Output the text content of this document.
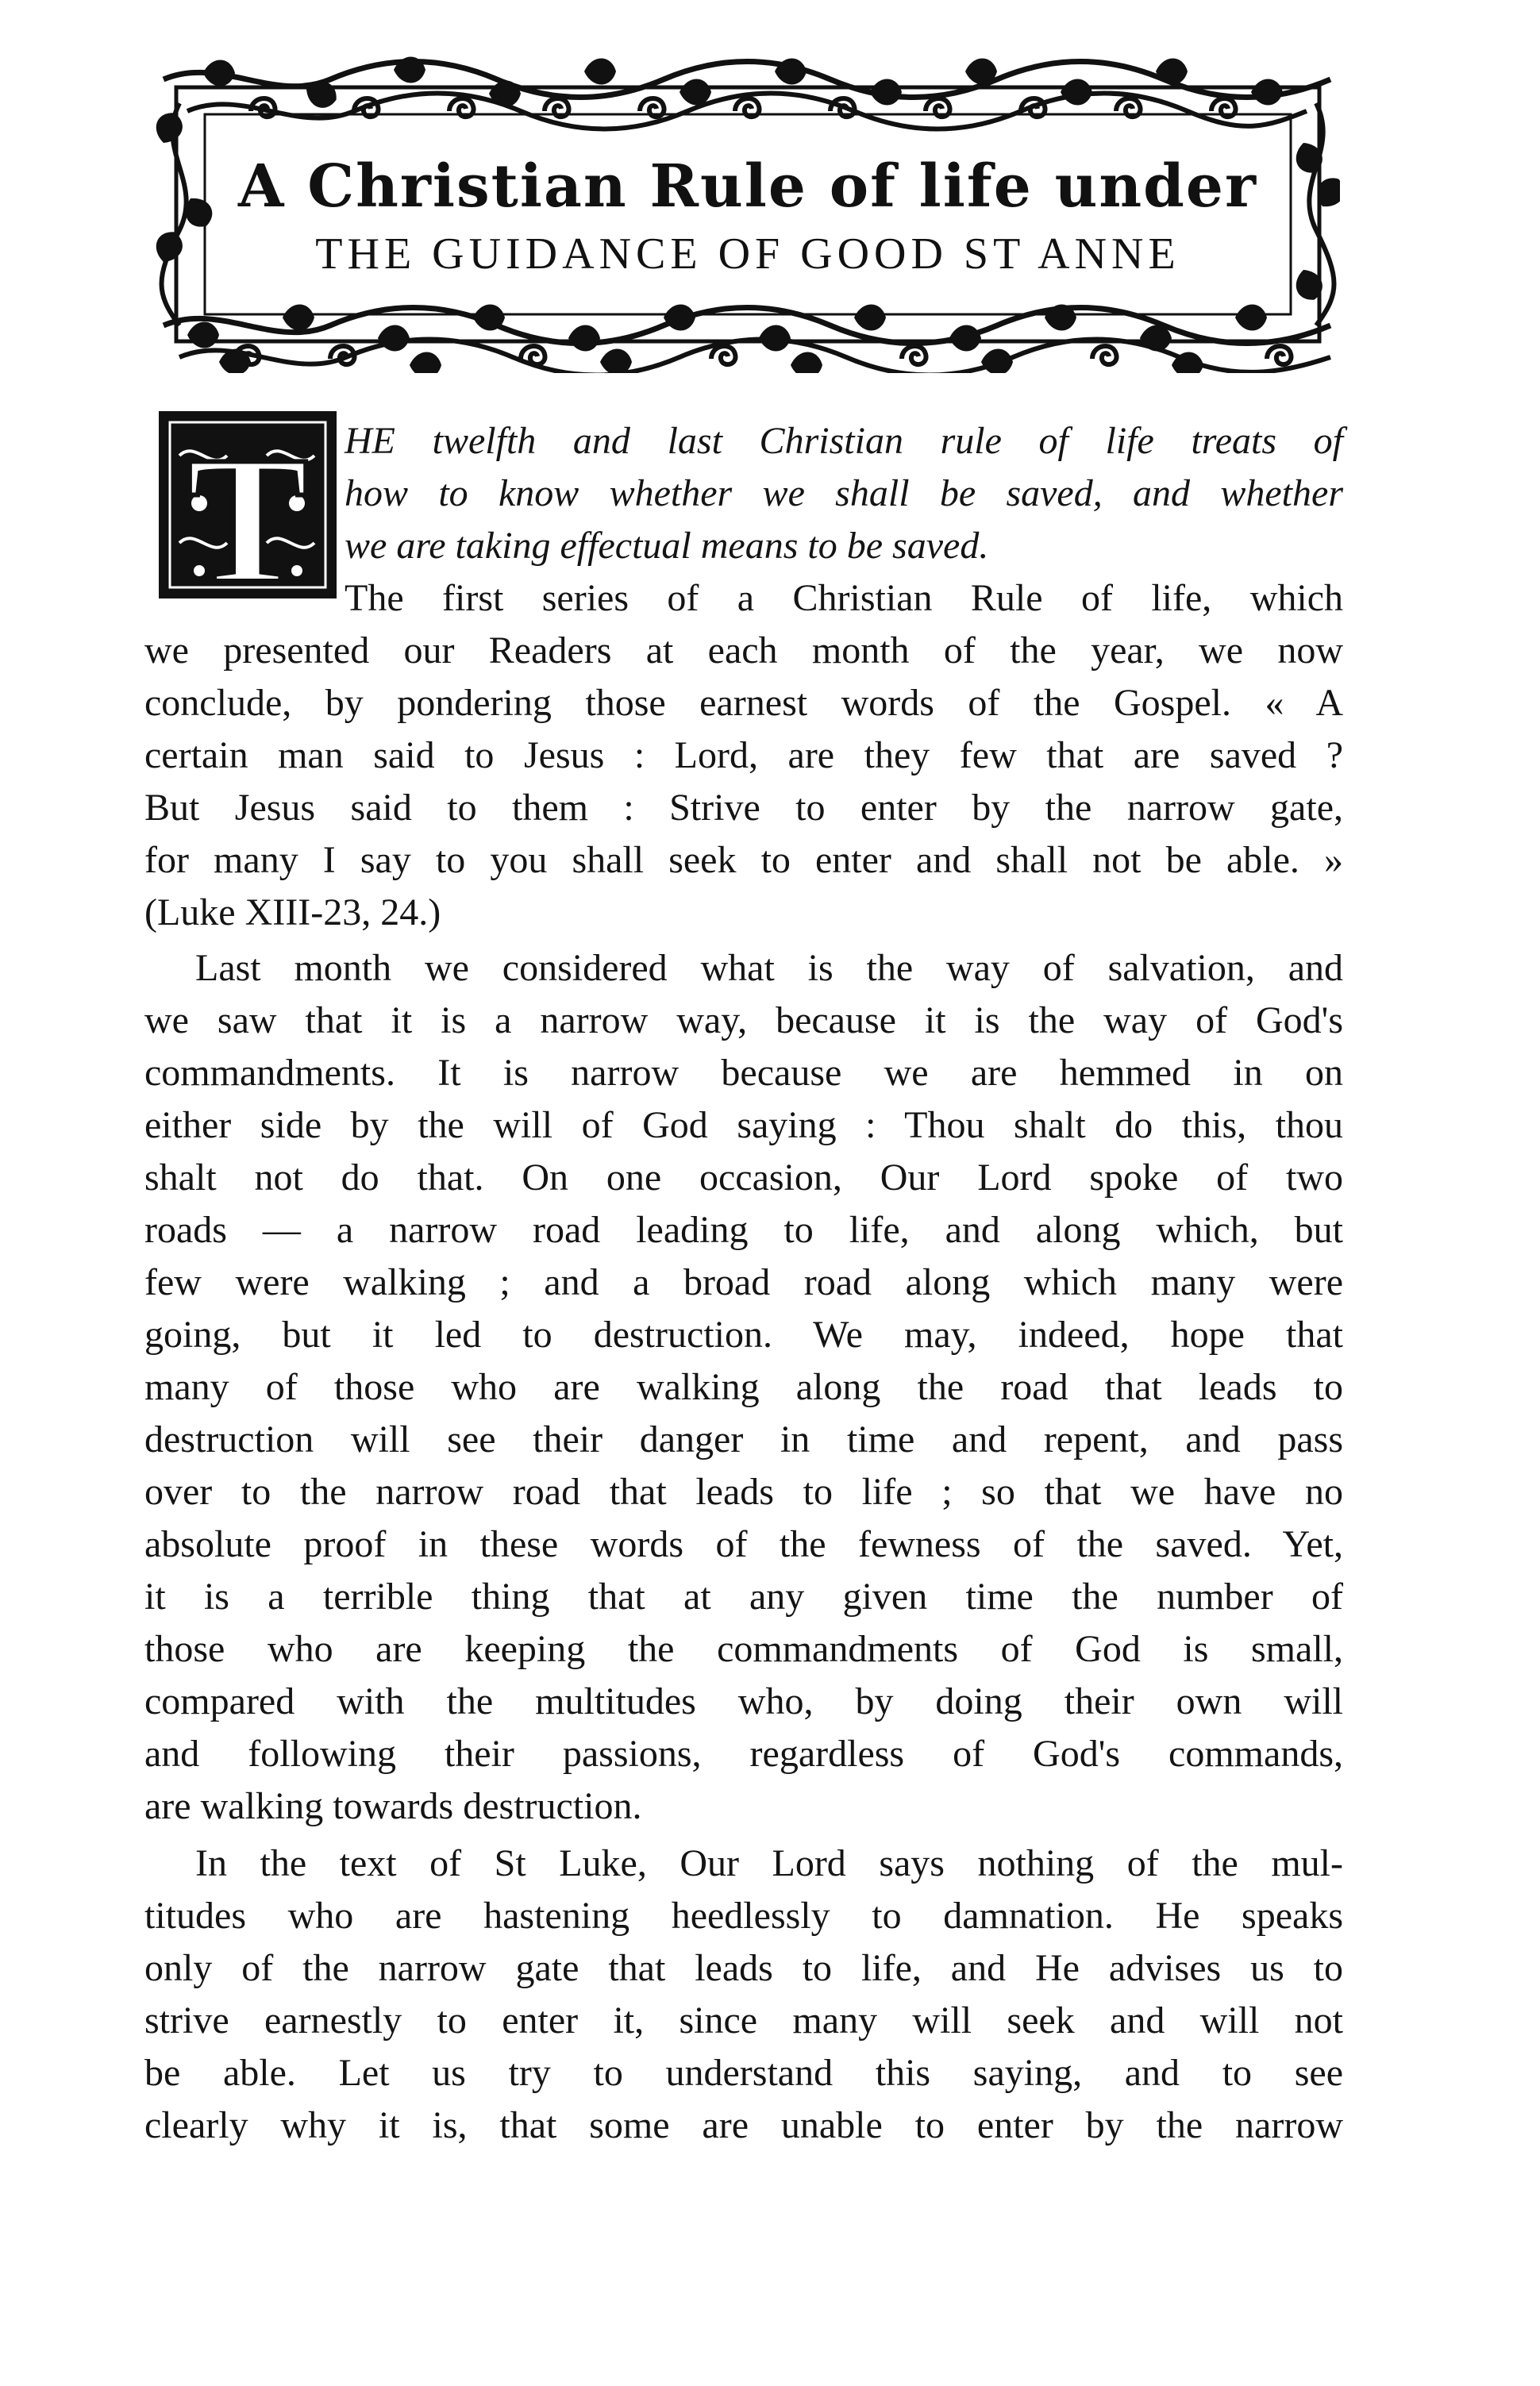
A Christian Rule of life under
THE GUIDANCE OF GOOD ST ANNE
T HE twelfth and last Christian rule of life treats of
how to know whether we shall be saved, and whether
we are taking effectual means to be saved.
The first series of a Christian Rule of life, which
we presented our Readers at each month of the year, we now
conclude, by pondering those earnest words of the Gospel. « A
certain man said to Jesus : Lord, are they few that are saved ?
But Jesus said to them : Strive to enter by the narrow gate,
for many I say to you shall seek to enter and shall not be able. »
(Luke XIII-23, 24.)
Last month we considered what is the way of salvation, and
we saw that it is a narrow way, because it is the way of God's
commandments. It is narrow because we are hemmed in on
either side by the will of God saying : Thou shalt do this, thou
shalt not do that. On one occasion, Our Lord spoke of two
roads — a narrow road leading to life, and along which, but
few were walking ; and a broad road along which many were
going, but it led to destruction. We may, indeed, hope that
many of those who are walking along the road that leads to
destruction will see their danger in time and repent, and pass
over to the narrow road that leads to life ; so that we have no
absolute proof in these words of the fewness of the saved. Yet,
it is a terrible thing that at any given time the number of
those who are keeping the commandments of God is small,
compared with the multitudes who, by doing their own will
and following their passions, regardless of God's commands,
are walking towards destruction.
In the text of St Luke, Our Lord says nothing of the mul-
titudes who are hastening heedlessly to damnation. He speaks
only of the narrow gate that leads to life, and He advises us to
strive earnestly to enter it, since many will seek and will not
be able. Let us try to understand this saying, and to see
clearly why it is, that some are unable to enter by the narrow
